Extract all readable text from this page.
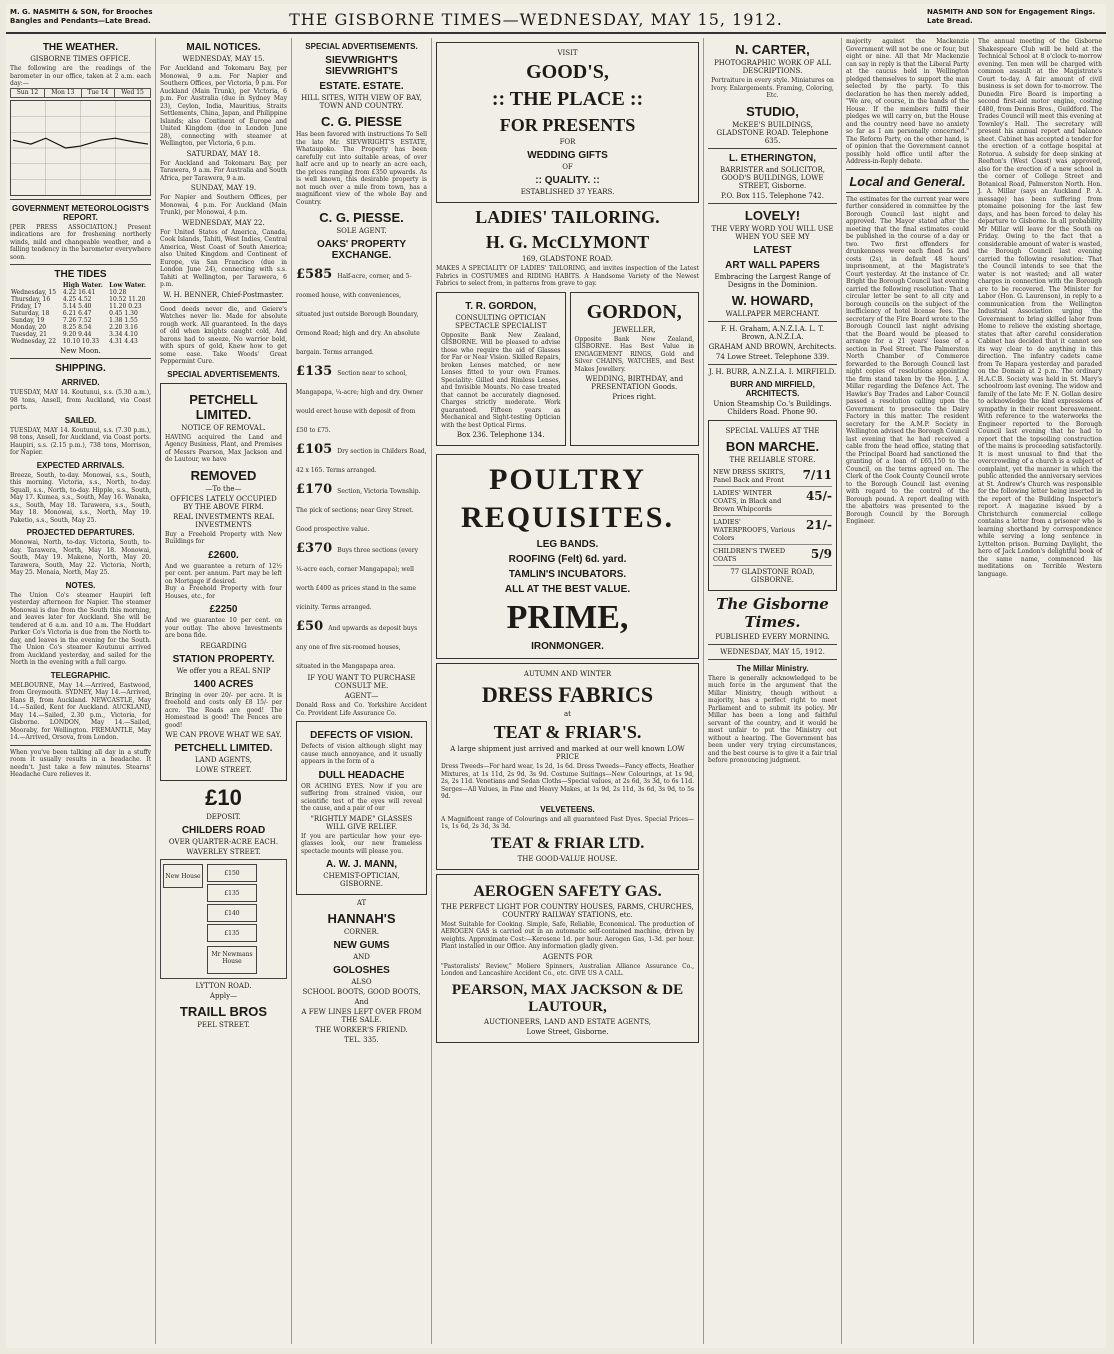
M. G. NASMITH & SON, for Brooches Bangles and Pendants—Late Bread.	THE GISBORNE TIMES—WEDNESDAY, MAY 15, 1912.	NASMITH AND SON for Engagement Rings. Late Bread.
THE WEATHER.
GISBORNE TIMES OFFICE.
The following are the readings of the barometer in our office, taken at 2 a.m. each day:—
Sun 12	Mon 13	Tue 14	Wed 15
GOVERNMENT METEOROLOGIST'S REPORT.
[PER PRESS ASSOCIATION.] Present indications are for freshening northerly winds, mild and changeable weather, and a falling tendency in the barometer everywhere soon.
THE TIDES
	High Water.	Low Water.
Wednesday, 15	4.22 16.41	10.28
Thursday, 16	4.25 4.52	10.52 11.20
Friday, 17	5.14 5.40	11.20 0.23
Saturday, 18	6.21 6.47	0.45 1.30
Sunday, 19	7.26 7.52	1.38 1.55
Monday, 20	8.25 8.54	2.20 3.16
Tuesday, 21	9.20 9.44	3.34 4.10
Wednesday, 22	10.10 10.33	4.31 4.43
New Moon.
SHIPPING.
ARRIVED.
TUESDAY, MAY 14. Koutunui, s.s. (5.30 a.m.), 98 tons, Ansell, from Auckland, via Coast ports.
SAILED.
TUESDAY, MAY 14. Koutunui, s.s. (7.30 p.m.), 98 tons, Ansell, for Auckland, via Coast ports. Haupiri, s.s. (2.15 p.m.), 738 tons, Morrison, for Napier.
EXPECTED ARRIVALS.
Breeze, South, to-day. Monowai, s.s., South, this morning. Victoria, s.s., North, to-day. Squall, s.s., North, to-day. Hipple, s.s., South, May 17. Kumea, s.s., South, May 16. Wanaka, s.s., South, May 18. Tarawera, s.s., South, May 18. Monowai, s.s., North, May 19. Paketio, s.s., South, May 25.
PROJECTED DEPARTURES.
Monowai, North, to-day. Victoria, South, to-day. Tarawera, North, May 18. Monowai, South, May 19. Makene, North, May 20. Tarawera, South, May 22. Victoria, North, May 25. Monaia, North, May 25.
NOTES.
The Union Co's steamer Haupiri left yesterday afternoon for Napier. The steamer Monowai is due from the South this morning, and leaves later for Auckland. She will be tendered at 6 a.m. and 10 a.m. The Huddart Parker Co's Victoria is due from the North to-day, and leaves in the evening for the South. The Union Co's steamer Koutunui arrived from Auckland yesterday, and sailed for the North in the evening with a full cargo.
TELEGRAPHIC.
MELBOURNE, May 14.—Arrived, Eastwood, from Greymouth. SYDNEY, May 14.—Arrived, Hans B, from Auckland. NEWCASTLE, May 14.—Sailed, Kent for Auckland. AUCKLAND, May 14.—Sailed, 2.30 p.m., Victoria, for Gisborne. LONDON, May 14.—Sailed, Mooraby, for Wellington. FREMANTLE, May 14.—Arrived, Orsova, from London.
When you've been talking all day in a stuffy room it usually results in a headache. It needn't. Just take a few minutes. Stearns' Headache Cure relieves it.
MAIL NOTICES.
WEDNESDAY, MAY 15.
For Auckland and Tokomaru Bay, per Monowai, 9 a.m. For Napier and Southern Offices, per Victoria, 9 p.m. For Auckland (Main Trunk), per Victoria, 6 p.m. For Australia (due in Sydney May 23), Ceylon, India, Mauritius, Straits Settlements, China, Japan, and Philippine Islands; also Continent of Europe and United Kingdom (due in London June 28), connecting with steamer at Wellington, per Victoria, 6 p.m.
SATURDAY, MAY 18.
For Auckland and Tokomaru Bay, per Tarawera, 9 a.m. For Australia and South Africa, per Tarawera, 9 a.m.
SUNDAY, MAY 19.
For Napier and Southern Offices, per Monowai, 4 p.m. For Auckland (Main Trunk), per Monowai, 4 p.m.
WEDNESDAY, MAY 22.
For United States of America, Canada, Cook Islands, Tahiti, West Indies, Central America, West Coast of South America; also United Kingdom and Continent of Europe, via San Francisco (due in London June 24), connecting with s.s. Tahiti at Wellington, per Tarawera, 6 p.m.
W. H. BENNER, Chief-Postmaster.
Good deeds never die, and Geiere's Watches never lie. Made for absolute rough work. All guaranteed. In the days of old when knights caught cold, And barons had to sneeze, No warrior bold, with spurs of gold, Knew how to get some ease. Take Woods' Great Peppermint Cure.
SPECIAL ADVERTISEMENTS.
PETCHELL LIMITED.
NOTICE OF REMOVAL.
HAVING acquired the Land and Agency Business, Plant, and Premises of Messrs Pearson, Max Jackson and de Lautour, we have
REMOVED
—To the—
OFFICES LATELY OCCUPIED BY THE ABOVE FIRM.
REAL INVESTMENTS REAL INVESTMENTS
Buy a Freehold Property with New Buildings for
£2600.
And we guarantee a return of 12½ per cent. per annum. Part may be left on Mortgage if desired.
Buy a Freehold Property with four Houses, etc., for
£2250
And we guarantee 10 per cent. on your outlay. The above Investments are bona fide.
REGARDING
STATION PROPERTY.
We offer you a REAL SNIP
1400 ACRES
Bringing in over 20/- per acre. It is freehold and costs only £8 15/- per acre. The Roads are good! The Homestead is good! The Fences are good!
WE CAN PROVE WHAT WE SAY.
PETCHELL LIMITED.
LAND AGENTS,
LOWE STREET.
£10
DEPOSIT.
CHILDERS ROAD
OVER QUARTER-ACRE EACH.
WAVERLEY STREET.
New House	£150
£135
£140
£135
Mr Newmans House
LYTTON ROAD.
Apply—
TRAILL BROS
PEEL STREET.
SPECIAL ADVERTISEMENTS.
SIEVWRIGHT'S SIEVWRIGHT'S
ESTATE. ESTATE.
HILL SITES, WITH VIEW OF BAY, TOWN AND COUNTRY.
C. G. PIESSE
Has been favored with instructions To Sell the late Mr. SIEVWRIGHT'S ESTATE, Whataupoko. The Property has been carefully cut into suitable areas, of over half acre and up to nearly an acre each, the prices ranging from £350 upwards. As is well known, this desirable property is not much over a mile from town, has a magnificent view of the whole Bay and Country.
C. G. PIESSE.
SOLE AGENT.
OAKS' PROPERTY EXCHANGE.
£585 Half-acre, corner, and 5-roomed house, with conveniences, situated just outside Borough Boundary, Ormond Road; high and dry. An absolute bargain. Terms arranged.
£135 Section near to school, Mangapapa, ¼-acre; high and dry. Owner would erect house with deposit of from £50 to £75.
£105 Dry section in Childers Road, 42 x 165. Terms arranged.
£170 Section, Victoria Township. The pick of sections; near Grey Street. Good prospective value.
£370 Buys three sections (every ¼-acre each, corner Mangapapa); well worth £400 as prices stand in the same vicinity. Terms arranged.
£50 And upwards as deposit buys any one of five six-roomed houses, situated in the Mangapapa area.
IF YOU WANT TO PURCHASE CONSULT ME.
AGENT—
Donald Ross and Co. Yorkshire Accident Co. Provident Life Assurance Co.
DEFECTS OF VISION.
Defects of vision although slight may cause much annoyance, and it usually appears in the form of a
DULL HEADACHE
OR ACHING EYES. Now if you are suffering from strained vision, our scientific test of the eyes will reveal the cause, and a pair of our
"RIGHTLY MADE" GLASSES WILL GIVE RELIEF.
If you are particular how your eye-glasses look, our new frameless spectacle mounts will please you.
A. W. J. MANN,
CHEMIST-OPTICIAN, GISBORNE.
AT
HANNAH'S
CORNER.
NEW GUMS
AND
GOLOSHES
ALSO
SCHOOL BOOTS, GOOD BOOTS,
And
A FEW LINES LEFT OVER FROM THE SALE.
THE WORKER'S FRIEND.
TEL. 335.
VISIT
GOOD'S,
:: THE PLACE ::
FOR PRESENTS
FOR
WEDDING GIFTS
OF
:: QUALITY. ::
ESTABLISHED 37 YEARS.
LADIES' TAILORING.
H. G. McCLYMONT
169, GLADSTONE ROAD.
MAKES A SPECIALITY OF LADIES' TAILORING, and invites inspection of the Latest Fabrics in COSTUMES and RIDING HABITS. A Handsome Variety of the Newest Fabrics to select from, in patterns from grave to gay.
T. R. GORDON,
CONSULTING OPTICIAN SPECTACLE SPECIALIST
Opposite Bank New Zealand, GISBORNE. Will be pleased to advise those who require the aid of Glasses for Far or Near Vision. Skilled Repairs, broken Lenses matched, or new Lenses fitted to your own Frames. Speciality: Gilled and Rimless Lenses, and Invisible Mounts. No case treated that cannot be accurately diagnosed. Charges strictly moderate. Work guaranteed. Fifteen years as Mechanical and Sight-testing Optician with the best Optical Firms.
Box 236. Telephone 134.
GORDON,
JEWELLER,
Opposite Bank New Zealand, GISBORNE. Has Best Value in ENGAGEMENT RINGS, Gold and Silver CHAINS, WATCHES, and Best Makes Jewellery.
WEDDING, BIRTHDAY, and PRESENTATION Goods.
Prices right.
POULTRY
REQUISITES.
LEG BANDS.
ROOFING (Felt) 6d. yard.
TAMLIN'S INCUBATORS.
ALL AT THE BEST VALUE.
PRIME,
IRONMONGER.
AUTUMN AND WINTER
DRESS FABRICS
at
TEAT & FRIAR'S.
A large shipment just arrived and marked at our well known LOW PRICE
Dress Tweeds—For hard wear, 1s 2d, 1s 6d. Dress Tweeds—Fancy effects, Heather Mixtures, at 1s 11d, 2s 9d, 3s 9d. Costume Suitings—New Colourings, at 1s 9d, 2s, 2s 11d. Venetians and Sedan Cloths—Special values, at 2s 6d, 3s 3d, to 6s 11d. Serges—All Values, in Fine and Heavy Makes, at 1s 9d, 2s 11d, 3s 6d, 3s 9d, to 5s 9d.
VELVETEENS.
A Magnificent range of Colourings and all guaranteed Fast Dyes. Special Prices—1s, 1s 6d, 2s 3d, 3s 3d.
TEAT & FRIAR LTD.
THE GOOD-VALUE HOUSE.
AEROGEN SAFETY GAS.
THE PERFECT LIGHT FOR COUNTRY HOUSES, FARMS, CHURCHES, COUNTRY RAILWAY STATIONS, etc.
Most Suitable for Cooking. Simple, Safe, Reliable, Economical. The production of AEROGEN GAS is carried out in an automatic self-contained machine, driven by weights. Approximate Cost:—Kerosene 1d. per hour. Aerogen Gas, 1-3d. per hour. Plant installed in our Office. Any information gladly given.
AGENTS FOR
"Pastoralists' Review," Moliere Spinners, Australian Alliance Assurance Co., London and Lancashire Accident Co., etc. GIVE US A CALL.
PEARSON, MAX JACKSON & DE LAUTOUR,
AUCTIONEERS, LAND AND ESTATE AGENTS,
Lowe Street, Gisborne.
N. CARTER,
PHOTOGRAPHIC WORK OF ALL DESCRIPTIONS.
Portraiture in every style. Miniatures on Ivory. Enlargements. Framing, Coloring, Etc.
STUDIO,
McKEE'S BUILDINGS, GLADSTONE ROAD. Telephone 635.
L. ETHERINGTON,
BARRISTER and SOLICITOR, GOOD'S BUILDINGS, LOWE STREET, Gisborne.
P.O. Box 115. Telephone 742.
LOVELY!
THE VERY WORD YOU WILL USE WHEN YOU SEE MY
LATEST
ART WALL PAPERS
Embracing the Largest Range of Designs in the Dominion.
W. HOWARD,
WALLPAPER MERCHANT.
F. H. Graham, A.N.Z.I.A. L. T. Brown, A.N.Z.I.A.
GRAHAM AND BROWN, Architects.
74 Lowe Street. Telephone 339.
J. H. BURR, A.N.Z.I.A. I. MIRFIELD.
BURR AND MIRFIELD, ARCHITECTS.
Union Steamship Co.'s Buildings. Childers Road. Phone 90.
SPECIAL VALUES AT THE
BON MARCHE.
THE RELIABLE STORE.
NEW DRESS SKIRTS, Panel Back and Front	7/11
LADIES' WINTER COATS, in Black and Brown Whipcords
45/-
LADIES' WATERPROOFS, Various Colors
21/-
CHILDREN'S TWEED COATS	5/9
77 GLADSTONE ROAD, GISBORNE.
The Gisborne Times.
PUBLISHED EVERY MORNING.
WEDNESDAY, MAY 15, 1912.
The Millar Ministry.
There is generally acknowledged to be much force in the argument that the Millar Ministry, though without a majority, has a perfect right to meet Parliament and to submit its policy. Mr Millar has been a long and faithful servant of the country, and it would be most unfair to put the Ministry out without a hearing. The Government has been under very trying circumstances, and the best course is to give it a fair trial before pronouncing judgment.
majority against the Mackenzie Government will not be one or four, but eight or nine. All that Mr Mackenzie can say in reply is that the Liberal Party at the caucus held in Wellington pledged themselves to support the man selected by the party. To this declaration he has then merely added, "We are, of course, in the hands of the House. If the members fulfil their pledges we will carry on, but the House and the country need have no anxiety so far as I am personally concerned." The Reform Party, on the other hand, is of opinion that the Government cannot possibly hold office until after the Address-in-Reply debate.
Local and General.
The estimates for the current year were further considered in committee by the Borough Council last night and approved. The Mayor stated after the meeting that the final estimates could be published in the course of a day or two. Two first offenders for drunkenness were each fined 5s and costs (2s), in default 48 hours' imprisonment, at the Magistrate's Court yesterday. At the instance of Cr. Bright the Borough Council last evening carried the following resolution: That a circular letter be sent to all city and borough councils on the subject of the inefficiency of hotel license fees. The secretary of the Fire Board wrote to the Borough Council last night advising that the Board would be pleased to arrange for a 21 years' lease of a section in Peel Street. The Palmerston North Chamber of Commerce forwarded to the Borough Council last night copies of resolutions appointing the firm stand taken by the Hon. J. A. Millar regarding the Defence Act. The Hawke's Bay Trades and Labor Council passed a resolution calling upon the Government to prosecute the Dairy Factory in this matter. The resident secretary for the A.M.P. Society in Wellington advised the Borough Council last evening that he had received a cable from the head office, stating that the Principal Board had sanctioned the granting of a loan of £65,150 to the Council, on the terms agreed on. The Clerk of the Cook County Council wrote to the Borough Council last evening with regard to the control of the Borough pound. A report dealing with the abattoirs was presented to the Borough Council by the Borough Engineer.
The annual meeting of the Gisborne Shakespeare Club will be held at the Technical School at 8 o'clock to-morrow evening. Ten men will be charged with common assault at the Magistrate's Court to-day. A fair amount of civil business is set down for to-morrow. The Dunedin Fire Board is importing a second first-aid motor engine, costing £480, from Dennis Bros., Guildford. The Trades Council will meet this evening at Townley's Hall. The secretary will present his annual report and balance sheet. Cabinet has accepted a tender for the erection of a cottage hospital at Rotorua. A subsidy for deep sinking at Reefton's (West Coast) was approved, also for the erection of a new school in the corner of College Street and Botanical Road, Palmerston North. Hon. J. A. Millar (says an Auckland P. A. message) has been suffering from ptomaine poisoning for the last few days, and has been forced to delay his departure to Gisborne. In all probability Mr Millar will leave for the South on Friday. Owing to the fact that a considerable amount of water is wasted, the Borough Council last evening carried the following resolution: That the Council intends to see that the water is not wasted; and all water charges in connection with the Borough are to be recovered. The Minister for Labor (Hon. G. Laurenson), in reply to a communication from the Wellington Industrial Association urging the Government to bring skilled labor from Home to relieve the existing shortage, states that after careful consideration Cabinet has decided that it cannot see its way clear to do anything in this direction. The infantry cadets came from Te Hapara yesterday and paraded on the Domain at 2 p.m. The ordinary H.A.C.B. Society was held in St. Mary's schoolroom last evening. The widow and family of the late Mr. F. N. Gollan desire to acknowledge the kind expressions of sympathy in their recent bereavement. With reference to the waterworks the Engineer reported to the Borough Council last evening that he had to report that the topsoiling construction of the mains is proceeding satisfactorily. It is most unusual to find that the overcrowding of a church is a subject of complaint, yet the manner in which the public attended the anniversary services at St. Andrew's Church was responsible for the following letter being inserted in the report of the Building Inspector's report. A magazine issued by a Christchurch commercial college contains a letter from a prisoner who is learning shorthand by correspondence while serving a long sentence in Lyttelton prison. Burning Daylight, the hero of Jack London's delightful book of the same name, commenced his meditations on Terrible Western language.
